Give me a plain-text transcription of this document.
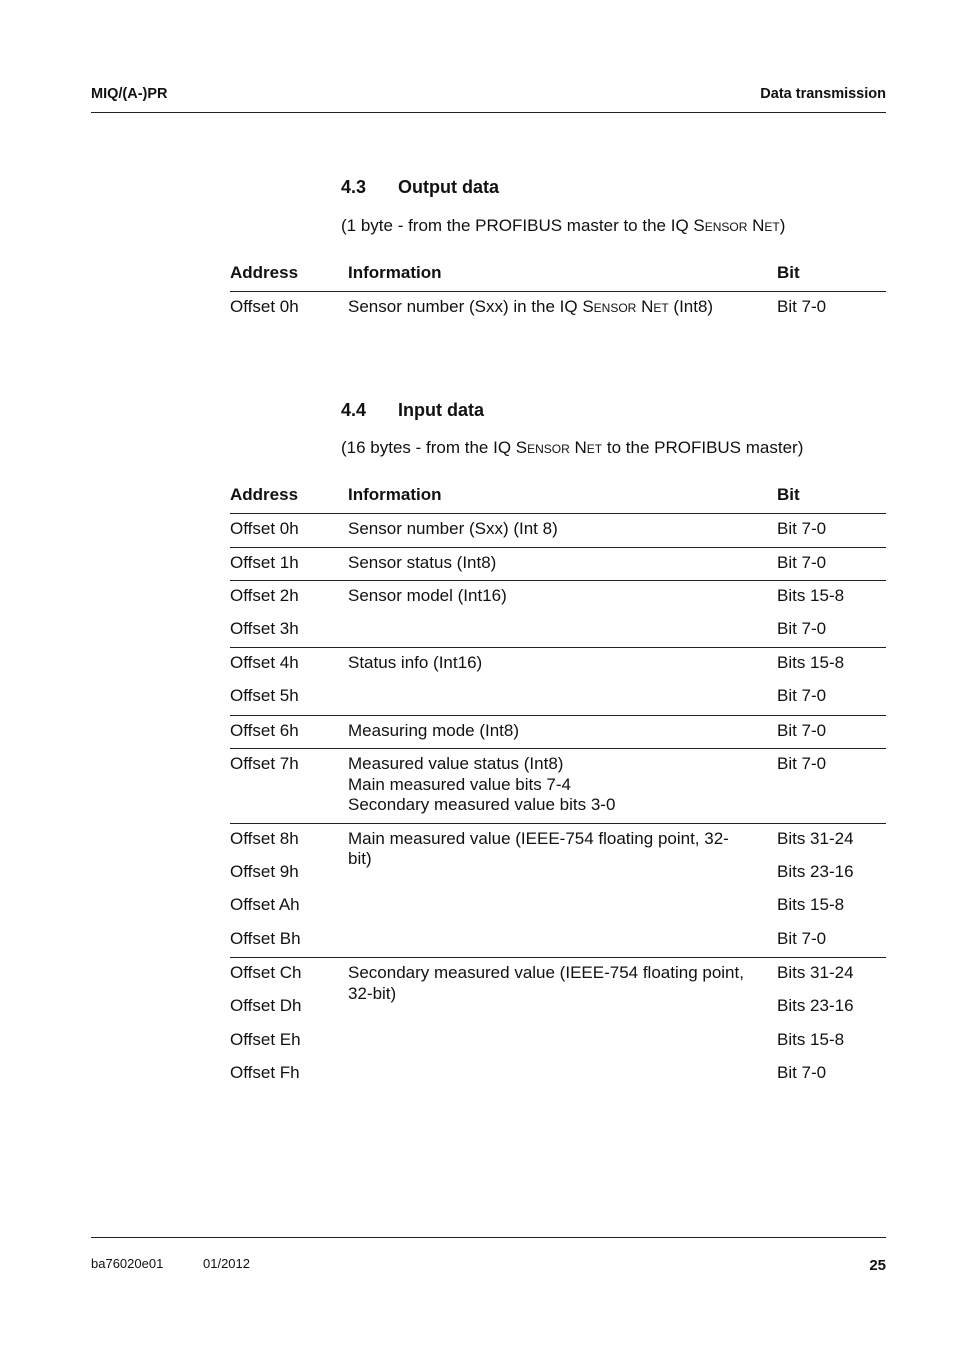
MIQ/(A-)PR	Data transmission
4.3 Output data
(1 byte - from the PROFIBUS master to the IQ Sensor Net)
Address	Information	Bit
Offset 0h	Sensor number (Sxx) in the IQ Sensor Net (Int8)	Bit 7-0
4.4 Input data
(16 bytes - from the IQ Sensor Net to the PROFIBUS master)
Address	Information	Bit
Offset 0h	Sensor number (Sxx) (Int 8)	Bit 7-0
Offset 1h	Sensor status (Int8)	Bit 7-0
Offset 2h	Sensor model (Int16)	Bits 15-8
Offset 3h		Bit 7-0
Offset 4h	Status info (Int16)	Bits 15-8
Offset 5h		Bit 7-0
Offset 6h	Measuring mode (Int8)	Bit 7-0
Offset 7h	Measured value status (Int8)
Main measured value bits 7-4
Secondary measured value bits 3-0	Bit 7-0
Offset 8h	Main measured value (IEEE-754 floating point, 32-
bit)	Bits 31-24
Offset 9h		Bits 23-16
Offset Ah		Bits 15-8
Offset Bh		Bit 7-0
Offset Ch	Secondary measured value (IEEE-754 floating point,
32-bit)	Bits 31-24
Offset Dh		Bits 23-16
Offset Eh		Bits 15-8
Offset Fh		Bit 7-0
ba76020e01	01/2012	25
